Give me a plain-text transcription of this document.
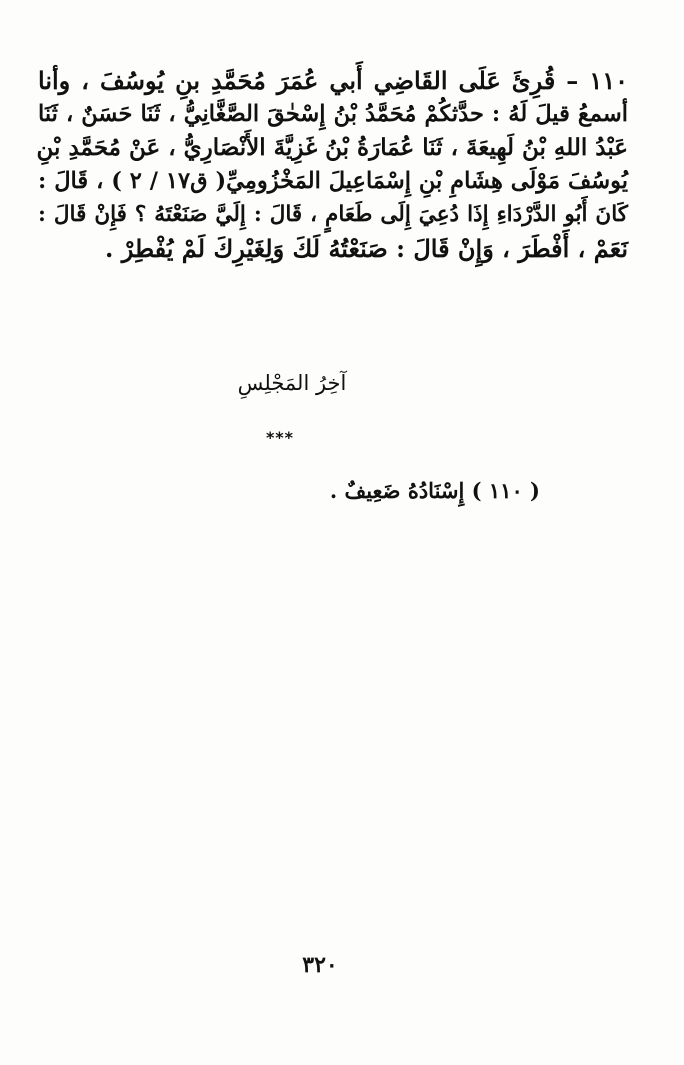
١١٠ – قُرِئَ عَلَى القَاضِي أَبي عُمَرَ مُحَمَّدِ بنِ يُوسُفَ ، وأنا
أسمعُ قيلَ لَهُ : حدَّثكُمْ مُحَمَّدُ بْنُ إِسْحٰقَ الصَّغَّانِيُّ ، ثَنَا حَسَنٌ ، ثَنَا
عَبْدُ اللهِ بْنُ لَهِيعَةَ ، ثَنَا عُمَارَةُ بْنُ غَزِيَّةَ الأَنْصَارِيُّ ، عَنْ مُحَمَّدِ بْنِ
يُوسُفَ مَوْلَى هِشَامِ بْنِ إِسْمَاعِيلَ المَخْزُومِيِّ( ق١٧ / ٢ ) ، قَالَ :
كَانَ أَبُو الدَّرْدَاءِ إِذَا دُعِيَ إِلَى طَعَامٍ ، قَالَ : إِلَيَّ صَنَعْتَهُ ؟ فَإِنْ قَالَ :
نَعَمْ ، أَفْطَرَ ، وَإِنْ قَالَ : صَنَعْتُهُ لَكَ وَلِغَيْرِكَ لَمْ يُفْطِرْ .
آخِرُ المَجْلِسِ
***
( ١١٠ ) إِسْنَادُهُ ضَعِيفٌ .
٣٢٠
